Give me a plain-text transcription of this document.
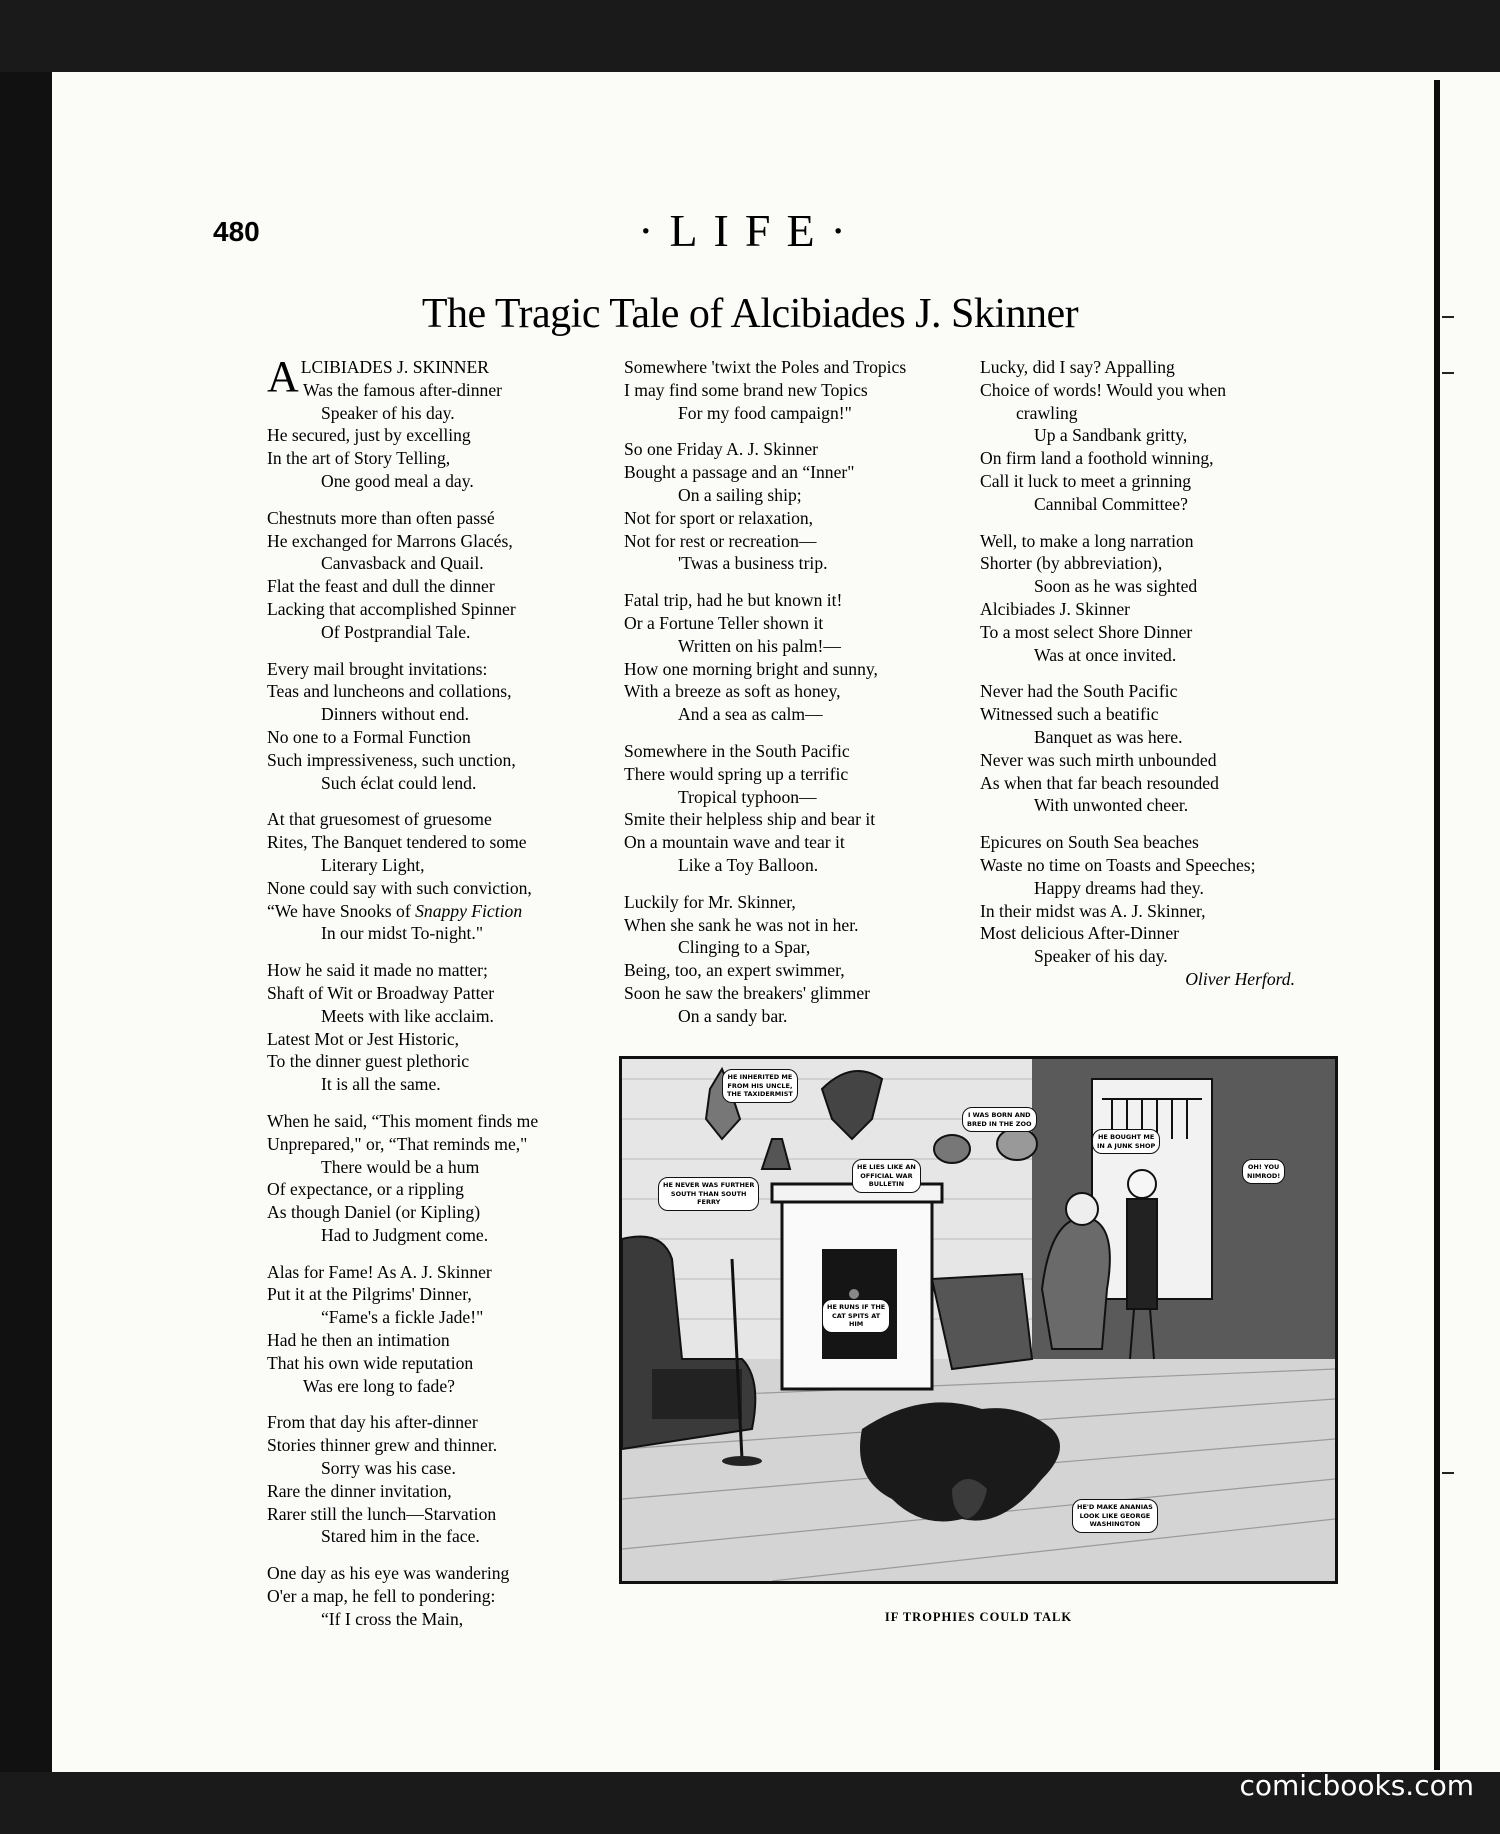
480	·LIFE·
The Tragic Tale of Alcibiades J. Skinner
ALCIBIADES J. SKINNER
Was the famous after-dinner
Speaker of his day.
He secured, just by excelling
In the art of Story Telling,
One good meal a day.
Chestnuts more than often passé
He exchanged for Marrons Glacés,
Canvasback and Quail.
Flat the feast and dull the dinner
Lacking that accomplished Spinner
Of Postprandial Tale.
Every mail brought invitations:
Teas and luncheons and collations,
Dinners without end.
No one to a Formal Function
Such impressiveness, such unction,
Such éclat could lend.
At that gruesomest of gruesome
Rites, The Banquet tendered to some
Literary Light,
None could say with such conviction,
“We have Snooks of Snappy Fiction
In our midst To-night."
How he said it made no matter;
Shaft of Wit or Broadway Patter
Meets with like acclaim.
Latest Mot or Jest Historic,
To the dinner guest plethoric
It is all the same.
When he said, “This moment finds me
Unprepared," or, “That reminds me,"
There would be a hum
Of expectance, or a rippling
As though Daniel (or Kipling)
Had to Judgment come.
Alas for Fame! As A. J. Skinner
Put it at the Pilgrims' Dinner,
“Fame's a fickle Jade!"
Had he then an intimation
That his own wide reputation
Was ere long to fade?
From that day his after-dinner
Stories thinner grew and thinner.
Sorry was his case.
Rare the dinner invitation,
Rarer still the lunch—Starvation
Stared him in the face.
One day as his eye was wandering
O'er a map, he fell to pondering:
“If I cross the Main,
Somewhere 'twixt the Poles and Tropics
I may find some brand new Topics
For my food campaign!"
So one Friday A. J. Skinner
Bought a passage and an “Inner"
On a sailing ship;
Not for sport or relaxation,
Not for rest or recreation—
'Twas a business trip.
Fatal trip, had he but known it!
Or a Fortune Teller shown it
Written on his palm!—
How one morning bright and sunny,
With a breeze as soft as honey,
And a sea as calm—
Somewhere in the South Pacific
There would spring up a terrific
Tropical typhoon—
Smite their helpless ship and bear it
On a mountain wave and tear it
Like a Toy Balloon.
Luckily for Mr. Skinner,
When she sank he was not in her.
Clinging to a Spar,
Being, too, an expert swimmer,
Soon he saw the breakers' glimmer
On a sandy bar.
Lucky, did I say? Appalling
Choice of words! Would you when
crawling
Up a Sandbank gritty,
On firm land a foothold winning,
Call it luck to meet a grinning
Cannibal Committee?
Well, to make a long narration
Shorter (by abbreviation),
Soon as he was sighted
Alcibiades J. Skinner
To a most select Shore Dinner
Was at once invited.
Never had the South Pacific
Witnessed such a beatific
Banquet as was here.
Never was such mirth unbounded
As when that far beach resounded
With unwonted cheer.
Epicures on South Sea beaches
Waste no time on Toasts and Speeches;
Happy dreams had they.
In their midst was A. J. Skinner,
Most delicious After-Dinner
Speaker of his day.
Oliver Herford.
HE INHERITED ME
FROM HIS UNCLE,
THE TAXIDERMIST
HE NEVER WAS FURTHER
SOUTH THAN SOUTH
FERRY
HE LIES LIKE AN
OFFICIAL WAR
BULLETIN
I WAS BORN AND
BRED IN THE ZOO
HE BOUGHT ME
IN A JUNK SHOP
OH! YOU
NIMROD!
HE RUNS IF THE
CAT SPITS AT
HIM
HE'D MAKE ANANIAS
LOOK LIKE GEORGE
WASHINGTON
IF TROPHIES COULD TALK
comicbooks.com
